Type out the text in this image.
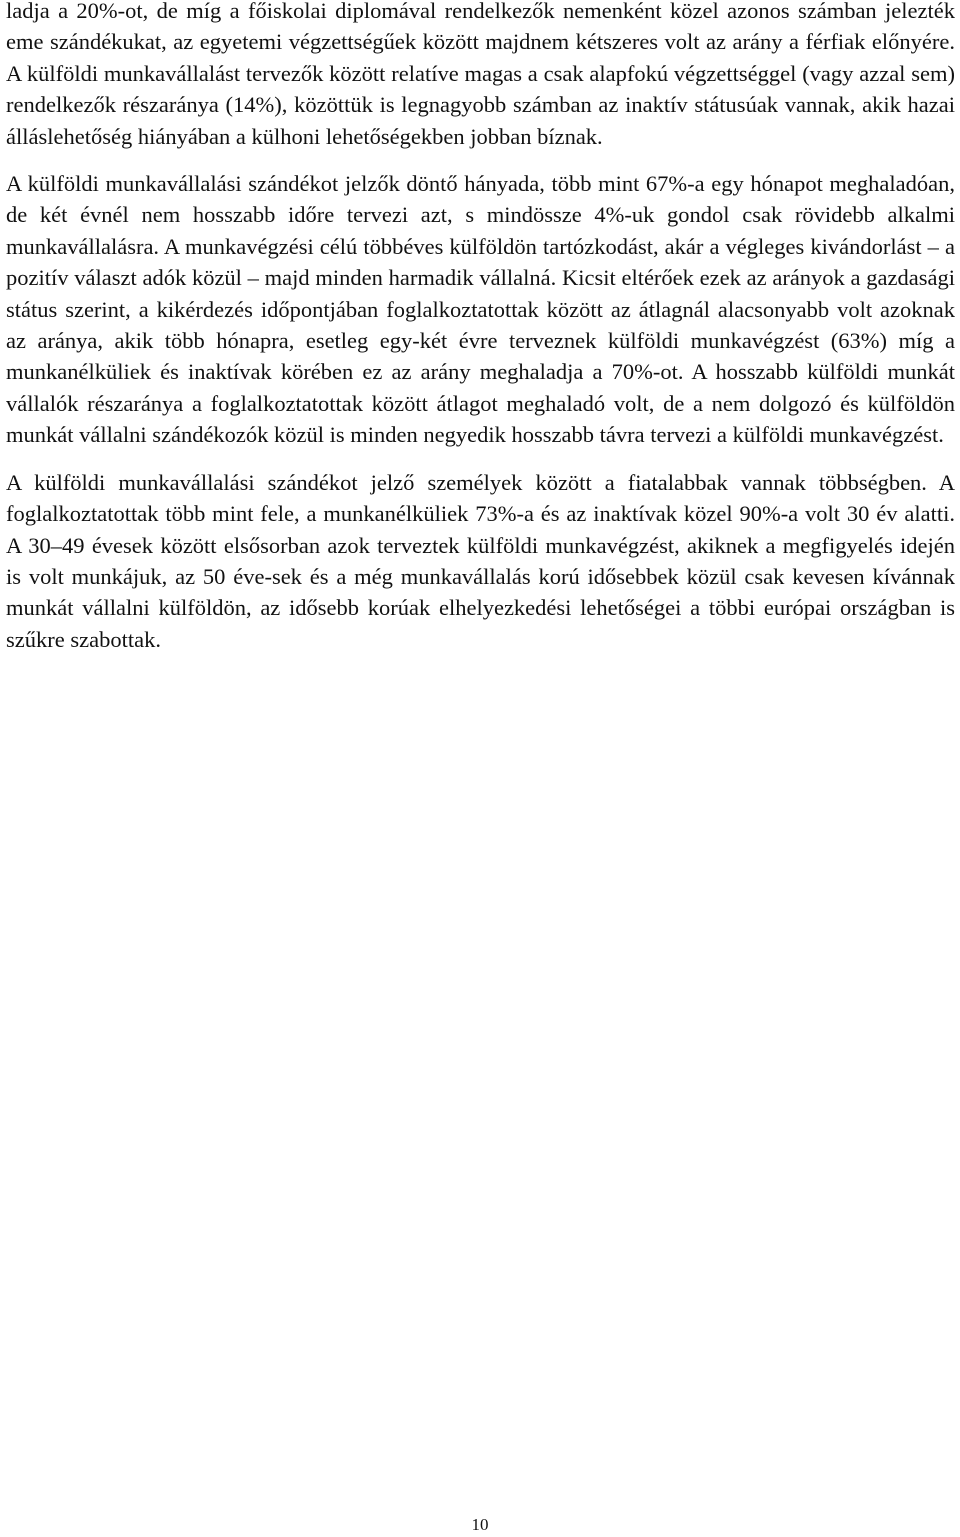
ladja a 20%-ot, de míg a főiskolai diplomával rendelkezők nemenként közel azonos számban jelezték eme szándékukat, az egyetemi végzettségűek között majdnem kétszeres volt az arány a férfiak előnyére. A külföldi munkavállalást tervezők között relatíve magas a csak alapfokú végzettséggel (vagy azzal sem) rendelkezők részaránya (14%), közöttük is legnagyobb számban az inaktív státusúak vannak, akik hazai álláslehetőség hiányában a külhoni lehetőségekben jobban bíznak.

A külföldi munkavállalási szándékot jelzők döntő hányada, több mint 67%-a egy hónapot meghaladóan, de két évnél nem hosszabb időre tervezi azt, s mindössze 4%-uk gondol csak rövidebb alkalmi munkavállalásra. A munkavégzési célú többéves külföldön tartózkodást, akár a végleges kivándorlást – a pozitív választ adók közül – majd minden harmadik vállalná. Kicsit eltérőek ezek az arányok a gazdasági státus szerint, a kikérdezés időpontjában foglalkoztatottak között az átlagnál alacsonyabb volt azoknak az aránya, akik több hónapra, esetleg egy-két évre terveznek külföldi munkavégzést (63%) míg a munkanélküliek és inaktívak körében ez az arány meghaladja a 70%-ot. A hosszabb külföldi munkát vállalók részaránya a foglalkoztatottak között átlagot meghaladó volt, de a nem dolgozó és külföldön munkát vállalni szándékozók közül is minden negyedik hosszabb távra tervezi a külföldi munkavégzést.

A külföldi munkavállalási szándékot jelző személyek között a fiatalabbak vannak többségben. A foglalkoztatottak több mint fele, a munkanélküliek 73%-a és az inaktívak közel 90%-a volt 30 év alatti. A 30–49 évesek között elsősorban azok terveztek külföldi munkavégzést, akiknek a megfigyelés idején is volt munkájuk, az 50 éve-sek és a még munkavállalás korú idősebbek közül csak kevesen kívánnak munkát vállalni külföldön, az idősebb korúak elhelyezkedési lehetőségei a többi európai országban is szűkre szabottak.

10
